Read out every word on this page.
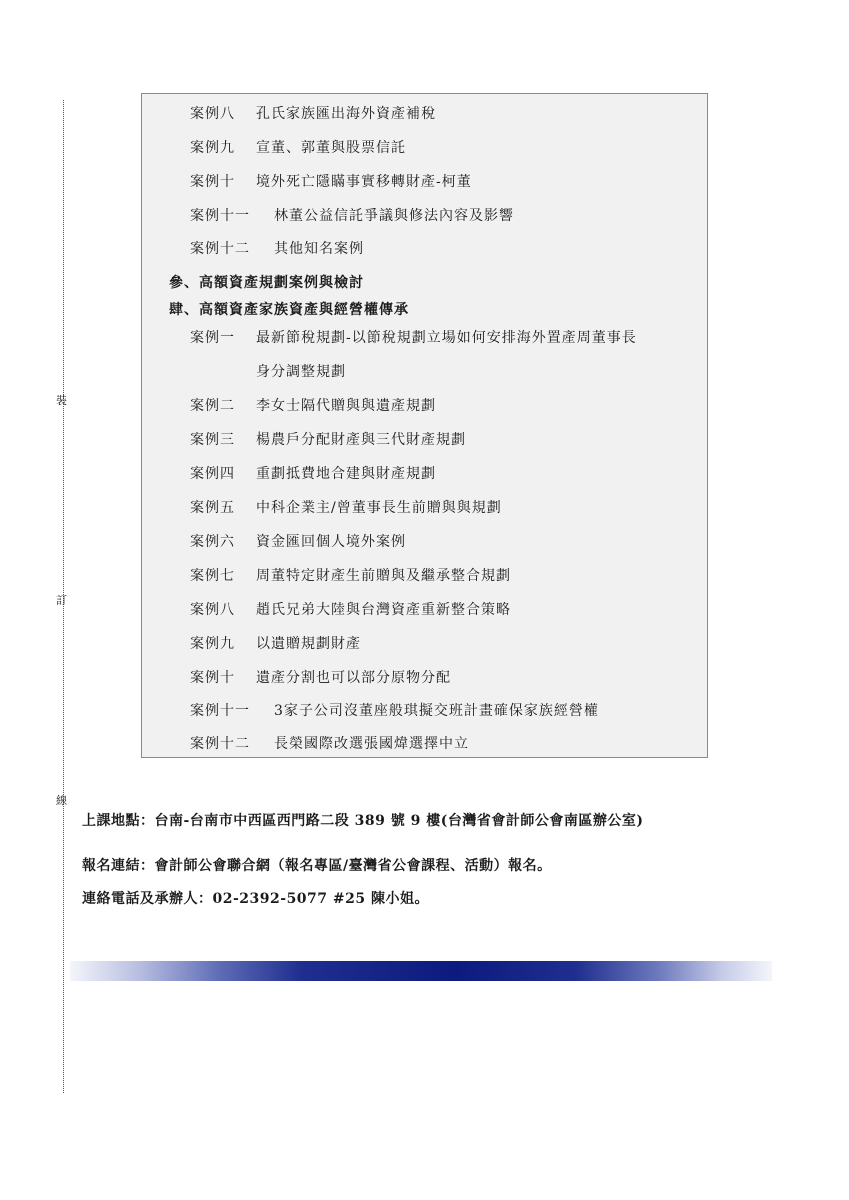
裝
訂
線
案例八 孔氏家族匯出海外資產補稅
案例九 宣董、郭董與股票信託
案例十 境外死亡隱瞞事實移轉財產-柯董
案例十一 林董公益信託爭議與修法內容及影響
案例十二 其他知名案例
參、高額資產規劃案例與檢討
肆、高額資產家族資產與經營權傳承
案例一 最新節稅規劃-以節稅規劃立場如何安排海外置產周董事長
身分調整規劃
案例二 李女士隔代贈與與遺產規劃
案例三 楊農戶分配財產與三代財產規劃
案例四 重劃抵費地合建與財產規劃
案例五 中科企業主/曾董事長生前贈與與規劃
案例六 資金匯回個人境外案例
案例七 周董特定財產生前贈與及繼承整合規劃
案例八 趙氏兄弟大陸與台灣資產重新整合策略
案例九 以遺贈規劃財產
案例十 遺產分割也可以部分原物分配
案例十一 3家子公司沒董座般琪擬交班計畫確保家族經營權
案例十二 長榮國際改選張國煒選擇中立
上課地點：台南-台南市中西區西門路二段 389 號 9 樓(台灣省會計師公會南區辦公室)
報名連結：會計師公會聯合網（報名專區/臺灣省公會課程、活動）報名。
連絡電話及承辦人：02-2392-5077 #25 陳小姐。
